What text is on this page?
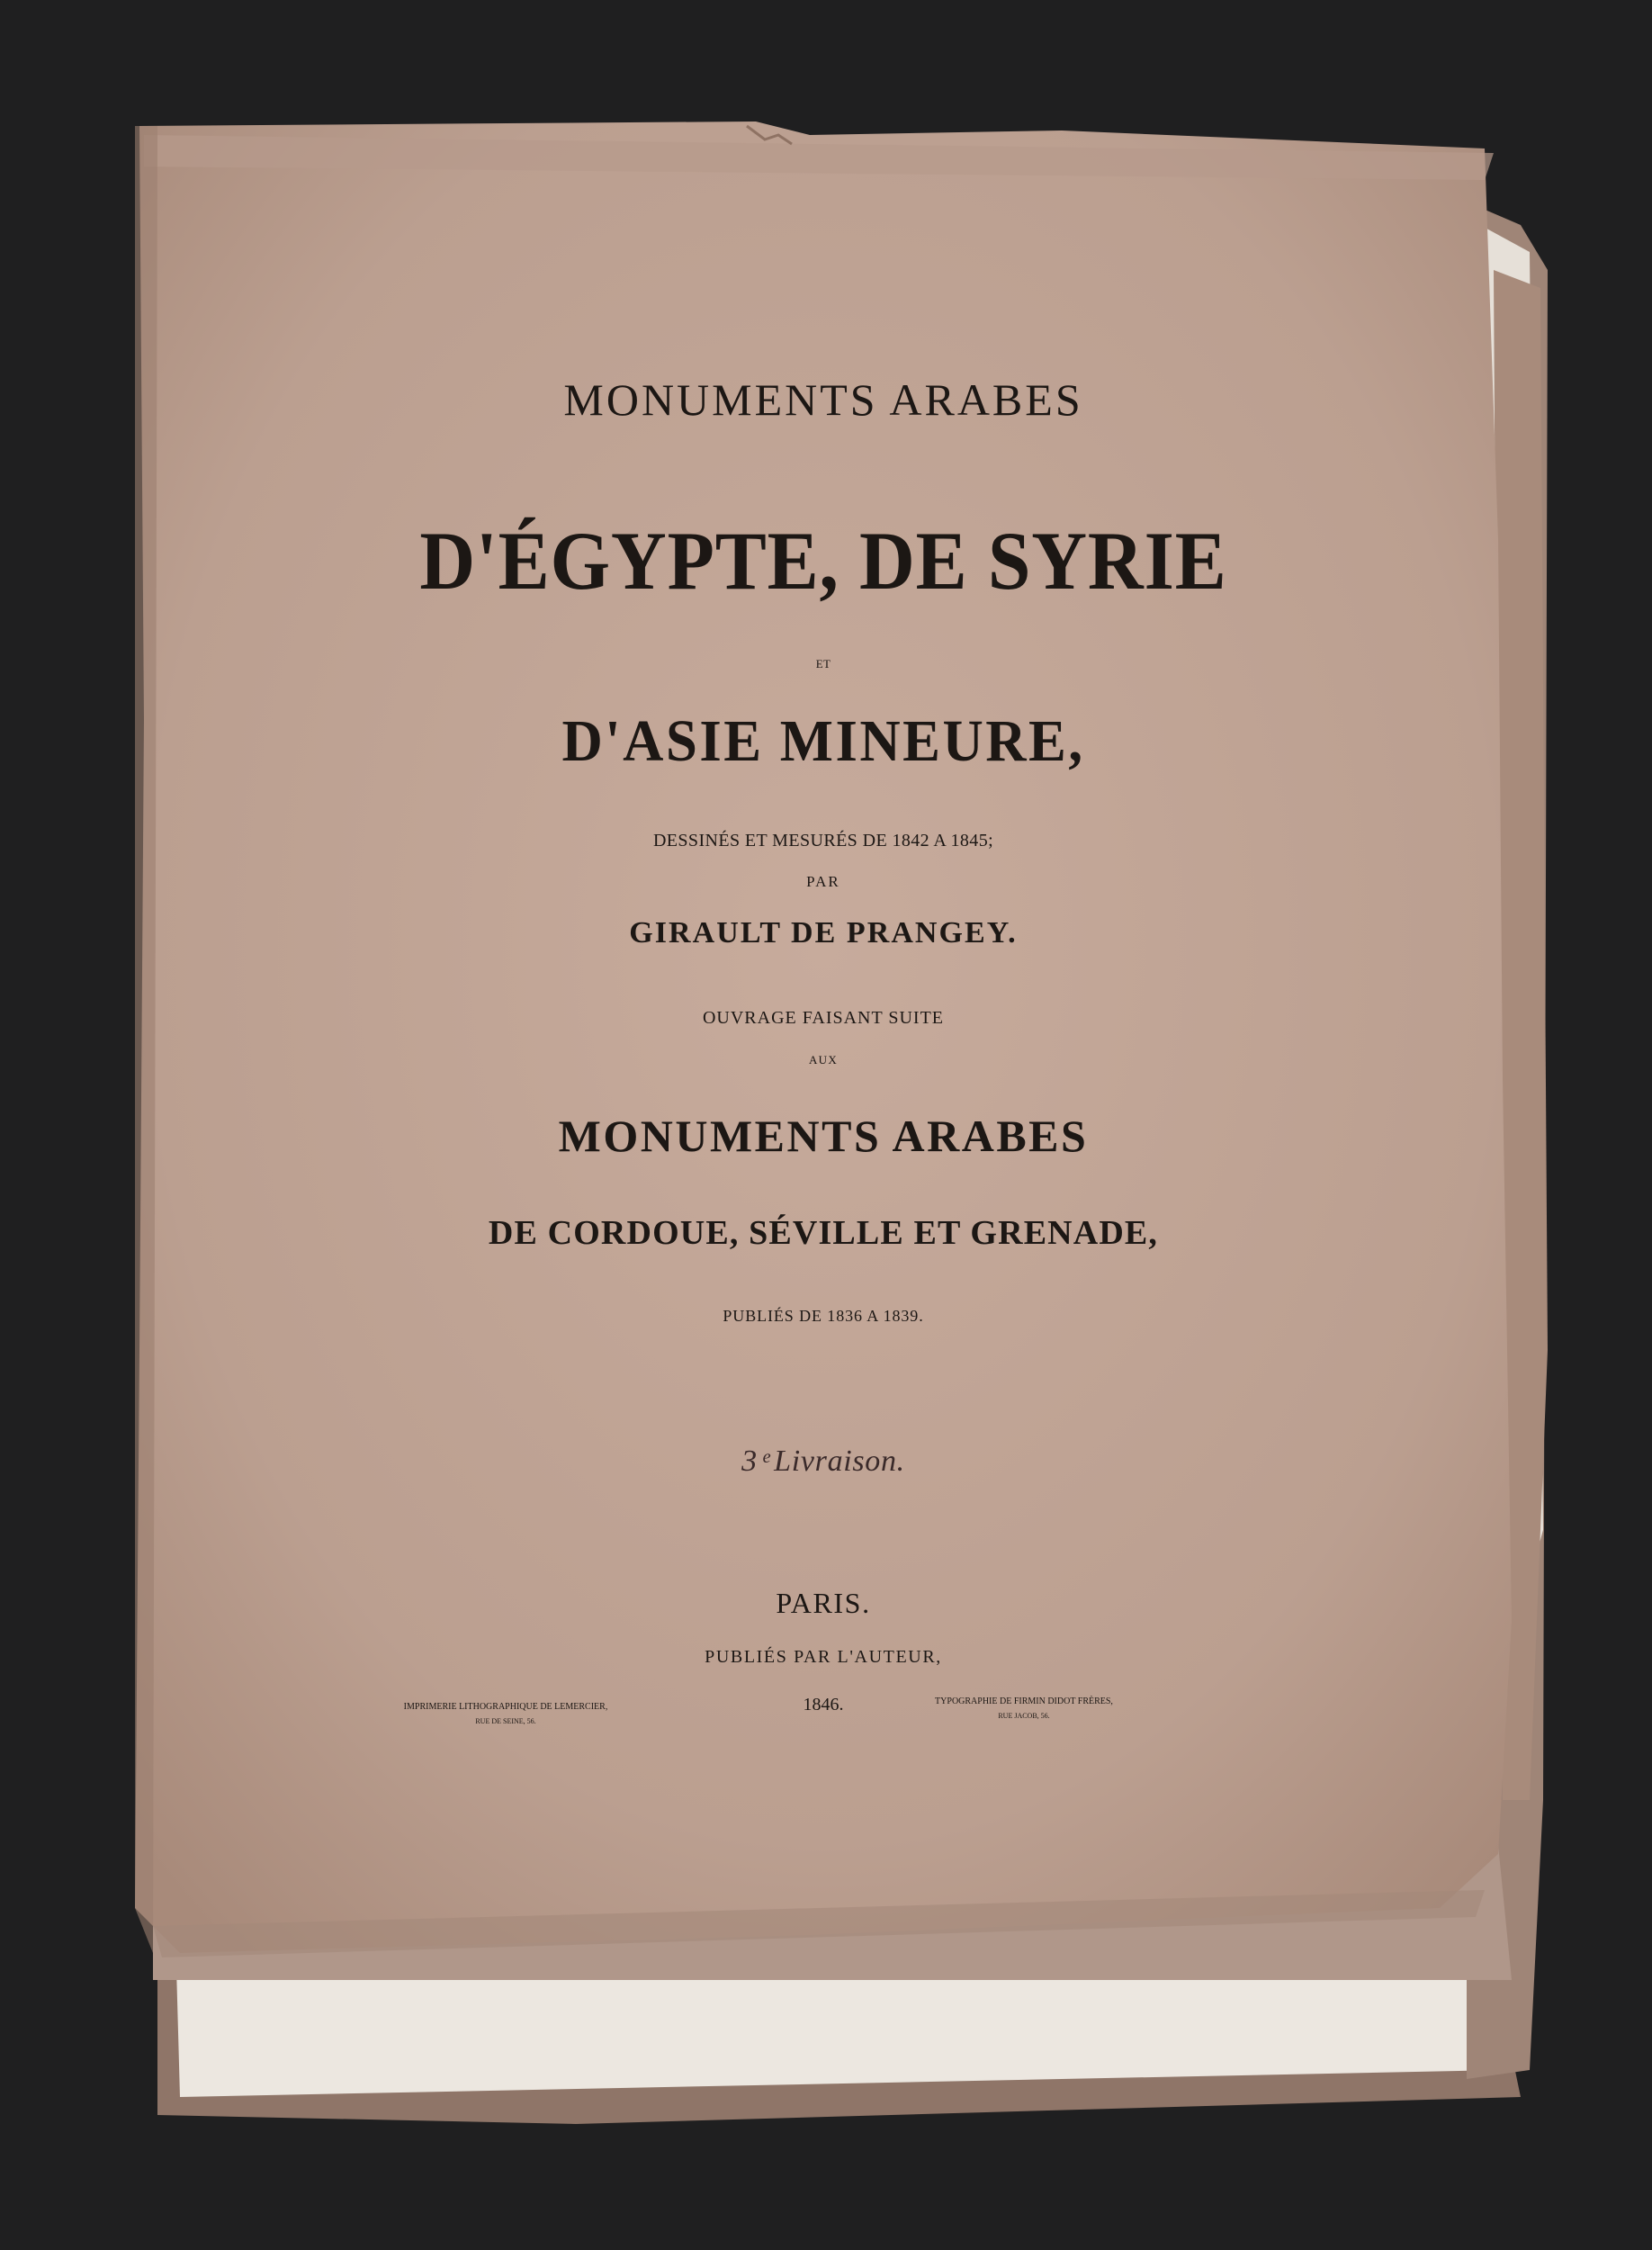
MONUMENTS ARABES
D'ÉGYPTE, DE SYRIE
ET
D'ASIE MINEURE,
DESSINÉS ET MESURÉS DE 1842 A 1845;
PAR
GIRAULT DE PRANGEY.
OUVRAGE FAISANT SUITE
AUX
MONUMENTS ARABES
DE CORDOUE, SÉVILLE ET GRENADE,
PUBLIÉS DE 1836 A 1839.
3 ͤ Livraison.
PARIS.
PUBLIÉS PAR L'AUTEUR,
IMPRIMERIE LITHOGRAPHIQUE DE LEMERCIER,
RUE DE SEINE, 56.
1846.	TYPOGRAPHIE DE FIRMIN DIDOT FRÈRES,
RUE JACOB, 56.
